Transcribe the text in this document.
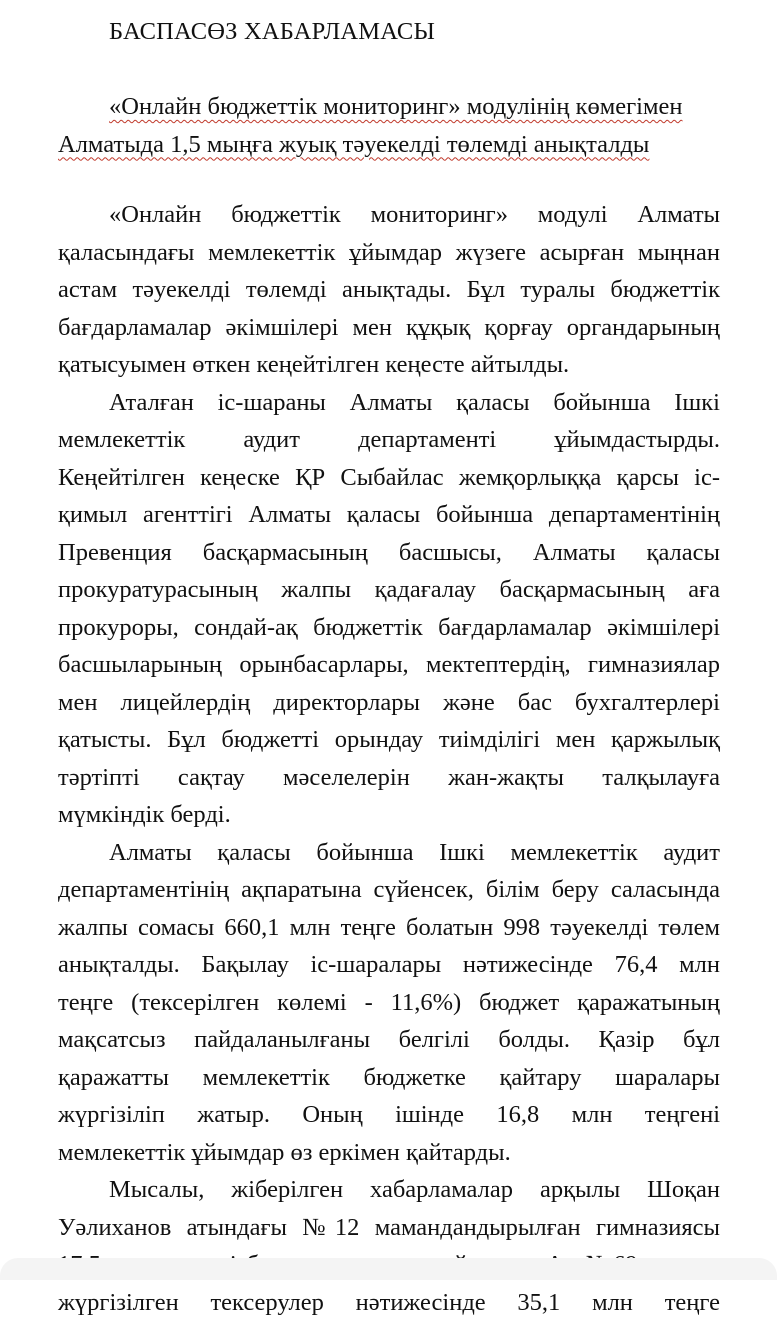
БАСПАСӨЗ ХАБАРЛАМАСЫ
«Онлайн бюджеттік мониторинг» модулінің көмегімен
Алматыда 1,5 мыңға жуық тәуекелді төлемді анықталды
«Онлайн бюджеттік мониторинг» модулі Алматы
қаласындағы мемлекеттік ұйымдар жүзеге асырған мыңнан
астам тәуекелді төлемді анықтады. Бұл туралы бюджеттік
бағдарламалар әкімшілері мен құқық қорғау органдарының
қатысуымен өткен кеңейтілген кеңесте айтылды.
Аталған іс-шараны Алматы қаласы бойынша Ішкі
мемлекеттік аудит департаменті ұйымдастырды.
Кеңейтілген кеңеске ҚР Сыбайлас жемқорлыққа қарсы іс-
қимыл агенттігі Алматы қаласы бойынша департаментінің
Превенция басқармасының басшысы, Алматы қаласы
прокуратурасының жалпы қадағалау басқармасының аға
прокуроры, сондай-ақ бюджеттік бағдарламалар әкімшілері
басшыларының орынбасарлары, мектептердің, гимназиялар
мен лицейлердің директорлары және бас бухгалтерлері
қатысты. Бұл бюджетті орындау тиімділігі мен қаржылық
тәртіпті сақтау мәселелерін жан-жақты талқылауға
мүмкіндік берді.
Алматы қаласы бойынша Ішкі мемлекеттік аудит
департаментінің ақпаратына сүйенсек, білім беру саласында
жалпы сомасы 660,1 млн теңге болатын 998 тәуекелді төлем
анықталды. Бақылау іс-шаралары нәтижесінде 76,4 млн
теңге (тексерілген көлемі - 11,6%) бюджет қаражатының
мақсатсыз пайдаланылғаны белгілі болды. Қазір бұл
қаражатты мемлекеттік бюджетке қайтару шаралары
жүргізіліп жатыр. Оның ішінде 16,8 млн теңгені
мемлекеттік ұйымдар өз еркімен қайтарды.
Мысалы, жіберілген хабарламалар арқылы Шоқан
Уәлиханов атындағы №12 мамандандырылған гимназиясы
жүргізілген тексерулер нәтижесінде 35,1 млн теңге
